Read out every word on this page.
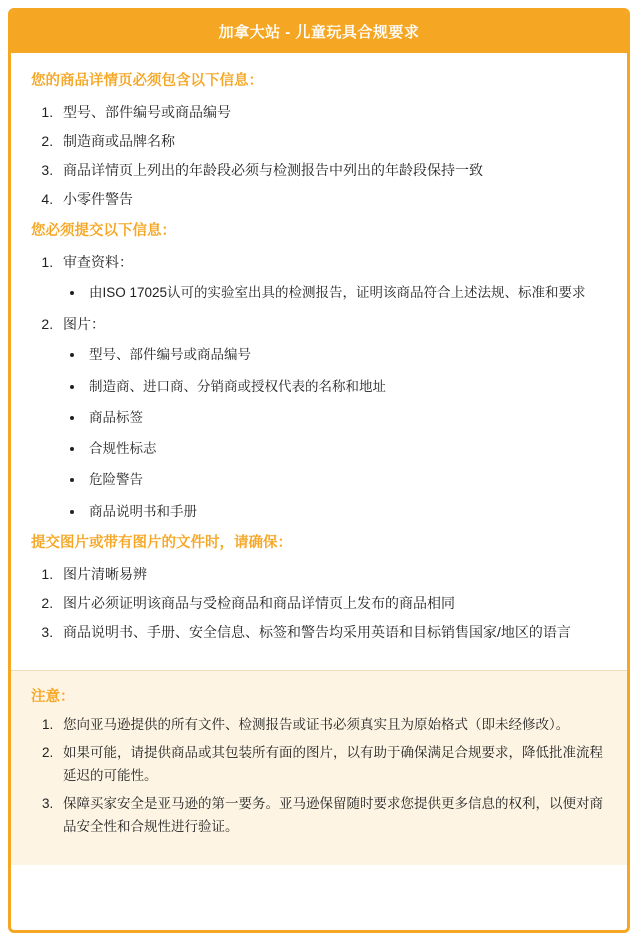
加拿大站 - 儿童玩具合规要求
您的商品详情页必须包含以下信息：
1. 型号、部件编号或商品编号
2. 制造商或品牌名称
3. 商品详情页上列出的年龄段必须与检测报告中列出的年龄段保持一致
4. 小零件警告
您必须提交以下信息：
1. 审查资料：
• 由ISO 17025认可的实验室出具的检测报告，证明该商品符合上述法规、标准和要求
2. 图片：
• 型号、部件编号或商品编号
• 制造商、进口商、分销商或授权代表的名称和地址
• 商品标签
• 合规性标志
• 危险警告
• 商品说明书和手册
提交图片或带有图片的文件时，请确保：
1. 图片清晰易辨
2. 图片必须证明该商品与受检商品和商品详情页上发布的商品相同
3. 商品说明书、手册、安全信息、标签和警告均采用英语和目标销售国家/地区的语言
注意：
1. 您向亚马逊提供的所有文件、检测报告或证书必须真实且为原始格式（即未经修改）。
2. 如果可能，请提供商品或其包装所有面的图片，以有助于确保满足合规要求，降低批准流程延迟的可能性。
3. 保障买家安全是亚马逊的第一要务。亚马逊保留随时要求您提供更多信息的权利，以便对商品安全性和合规性进行验证。
